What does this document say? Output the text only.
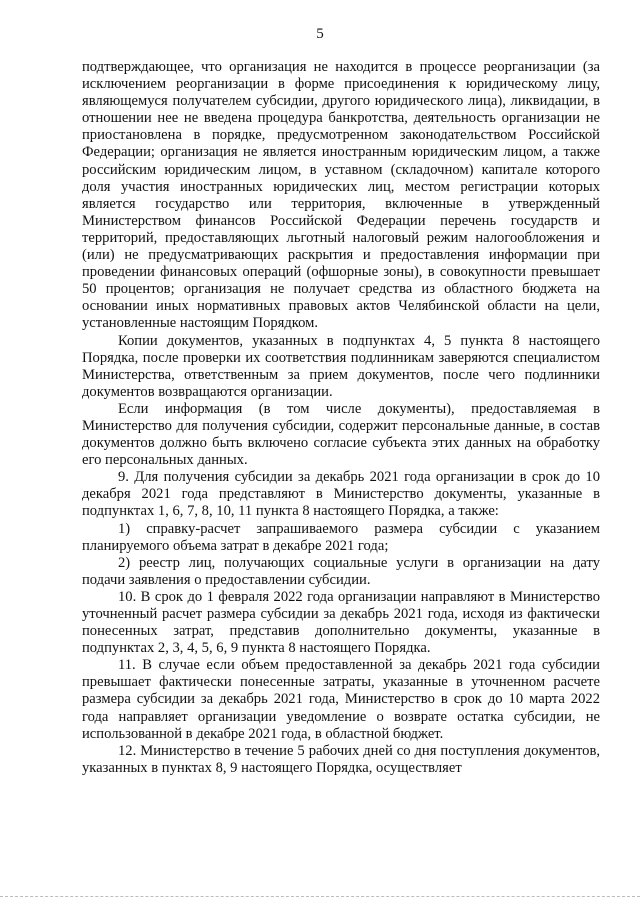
5

подтверждающее, что организация не находится в процессе реорганизации (за исключением реорганизации в форме присоединения к юридическому лицу, являющемуся получателем субсидии, другого юридического лица), ликвидации, в отношении нее не введена процедура банкротства, деятельность организации не приостановлена в порядке, предусмотренном законодательством Российской Федерации; организация не является иностранным юридическим лицом, а также российским юридическим лицом, в уставном (складочном) капитале которого доля участия иностранных юридических лиц, местом регистрации которых является государство или территория, включенные в утвержденный Министерством финансов Российской Федерации перечень государств и территорий, предоставляющих льготный налоговый режим налогообложения и (или) не предусматривающих раскрытия и предоставления информации при проведении финансовых операций (офшорные зоны), в совокупности превышает 50 процентов; организация не получает средства из областного бюджета на основании иных нормативных правовых актов Челябинской области на цели, установленные настоящим Порядком.

Копии документов, указанных в подпунктах 4, 5 пункта 8 настоящего Порядка, после проверки их соответствия подлинникам заверяются специалистом Министерства, ответственным за прием документов, после чего подлинники документов возвращаются организации.

Если информация (в том числе документы), предоставляемая в Министерство для получения субсидии, содержит персональные данные, в состав документов должно быть включено согласие субъекта этих данных на обработку его персональных данных.

9. Для получения субсидии за декабрь 2021 года организации в срок до 10 декабря 2021 года представляют в Министерство документы, указанные в подпунктах 1, 6, 7, 8, 10, 11 пункта 8 настоящего Порядка, а также:

1) справку-расчет запрашиваемого размера субсидии с указанием планируемого объема затрат в декабре 2021 года;

2) реестр лиц, получающих социальные услуги в организации на дату подачи заявления о предоставлении субсидии.

10. В срок до 1 февраля 2022 года организации направляют в Министерство уточненный расчет размера субсидии за декабрь 2021 года, исходя из фактически понесенных затрат, представив дополнительно документы, указанные в подпунктах 2, 3, 4, 5, 6, 9 пункта 8 настоящего Порядка.

11. В случае если объем предоставленной за декабрь 2021 года субсидии превышает фактически понесенные затраты, указанные в уточненном расчете размера субсидии за декабрь 2021 года, Министерство в срок до 10 марта 2022 года направляет организации уведомление о возврате остатка субсидии, не использованной в декабре 2021 года, в областной бюджет.

12. Министерство в течение 5 рабочих дней со дня поступления документов, указанных в пунктах 8, 9 настоящего Порядка, осуществляет
